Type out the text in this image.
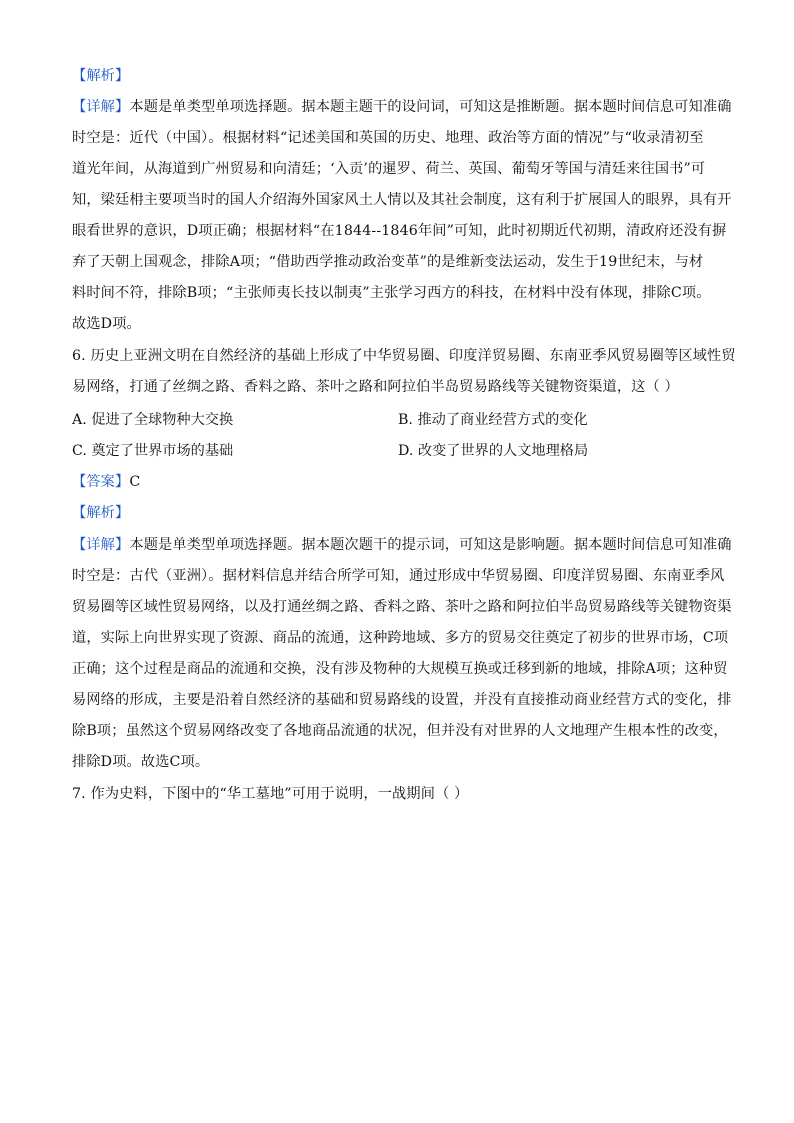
【解析】
【详解】本题是单类型单项选择题。据本题主题干的设问词，可知这是推断题。据本题时间信息可知准确
时空是：近代（中国）。根据材料“记述美国和英国的历史、地理、政治等方面的情况”与“收录清初至
道光年间，从海道到广州贸易和向清廷；‘入贡’的暹罗、荷兰、英国、葡萄牙等国与清廷来往国书”可
知，梁廷枏主要项当时的国人介绍海外国家风土人情以及其社会制度，这有利于扩展国人的眼界，具有开
眼看世界的意识，D项正确；根据材料“在1844--1846年间”可知，此时初期近代初期，清政府还没有摒
弃了天朝上国观念，排除A项；“借助西学推动政治变革”的是维新变法运动，发生于19世纪末，与材
料时间不符，排除B项；“主张师夷长技以制夷”主张学习西方的科技，在材料中没有体现，排除C项。
故选D项。
6. 历史上亚洲文明在自然经济的基础上形成了中华贸易圈、印度洋贸易圈、东南亚季风贸易圈等区域性贸
易网络，打通了丝绸之路、香料之路、茶叶之路和阿拉伯半岛贸易路线等关键物资渠道，这（ ）
A. 促进了全球物种大交换	B. 推动了商业经营方式的变化
C. 奠定了世界市场的基础	D. 改变了世界的人文地理格局
【答案】C
【解析】
【详解】本题是单类型单项选择题。据本题次题干的提示词，可知这是影响题。据本题时间信息可知准确
时空是：古代（亚洲）。据材料信息并结合所学可知，通过形成中华贸易圈、印度洋贸易圈、东南亚季风
贸易圈等区域性贸易网络，以及打通丝绸之路、香料之路、茶叶之路和阿拉伯半岛贸易路线等关键物资渠
道，实际上向世界实现了资源、商品的流通，这种跨地域、多方的贸易交往奠定了初步的世界市场，C项
正确；这个过程是商品的流通和交换，没有涉及物种的大规模互换或迁移到新的地域，排除A项；这种贸
易网络的形成，主要是沿着自然经济的基础和贸易路线的设置，并没有直接推动商业经营方式的变化，排
除B项；虽然这个贸易网络改变了各地商品流通的状况，但并没有对世界的人文地理产生根本性的改变，
排除D项。故选C项。
7. 作为史料，下图中的“华工墓地”可用于说明，一战期间（ ）
